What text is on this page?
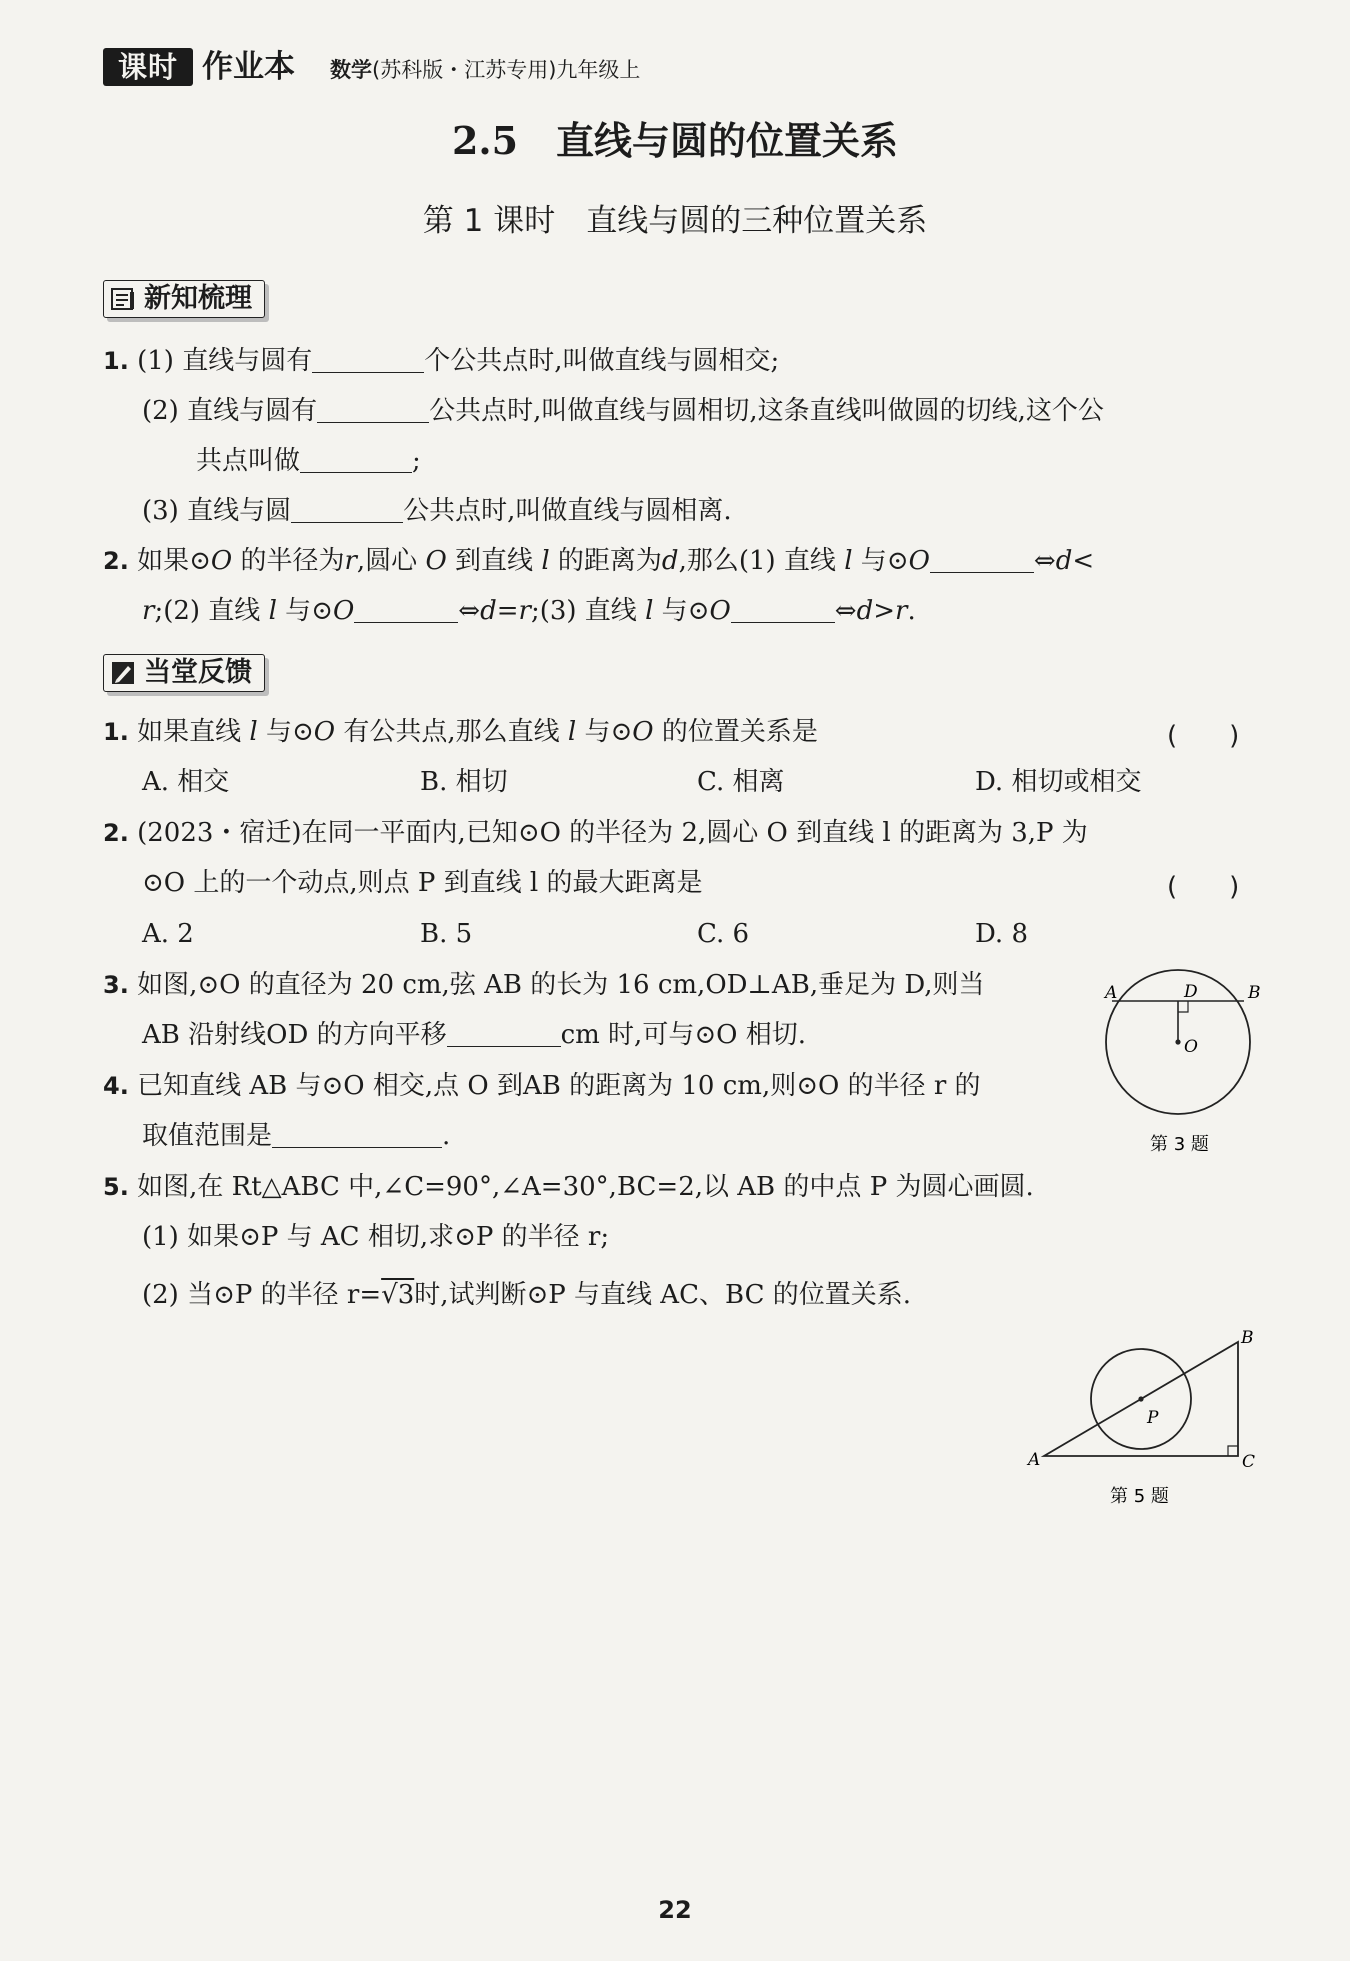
课时 作业本 数学(苏科版・江苏专用)九年级上
2.5　直线与圆的位置关系
第 1 课时　直线与圆的三种位置关系
新知梳理
1. (1) 直线与圆有	个公共点时,叫做直线与圆相交;
(2) 直线与圆有	公共点时,叫做直线与圆相切,这条直线叫做圆的切线,这个公
共点叫做	;
(3) 直线与圆	公共点时,叫做直线与圆相离.
2. 如果⊙O 的半径为r,圆心 O 到直线 l 的距离为d,那么(1) 直线 l 与⊙O	⇔d<
r;(2) 直线 l 与⊙O	⇔d=r;(3) 直线 l 与⊙O	⇔d>r.
当堂反馈
1. 如果直线 l 与⊙O 有公共点,那么直线 l 与⊙O 的位置关系是	(　　)
A. 相交	B. 相切	C. 相离	D. 相切或相交
2. (2023・宿迁)在同一平面内,已知⊙O 的半径为 2,圆心 O 到直线 l 的距离为 3,P 为
⊙O 上的一个动点,则点 P 到直线 l 的最大距离是	(　　)
A. 2	B. 5	C. 6	D. 8
3. 如图,⊙O 的直径为 20 cm,弦 AB 的长为 16 cm,OD⊥AB,垂足为 D,则当
AB 沿射线OD 的方向平移	cm 时,可与⊙O 相切.
A	B
D
O
第 3 题
4. 已知直线 AB 与⊙O 相交,点 O 到AB 的距离为 10 cm,则⊙O 的半径 r 的
取值范围是	.
5. 如图,在 Rt△ABC 中,∠C=90°,∠A=30°,BC=2,以 AB 的中点 P 为圆心画圆.
(1) 如果⊙P 与 AC 相切,求⊙P 的半径 r;
(2) 当⊙P 的半径 r=√3时,试判断⊙P 与直线 AC、BC 的位置关系.
A
B
C
P
第 5 题
22
